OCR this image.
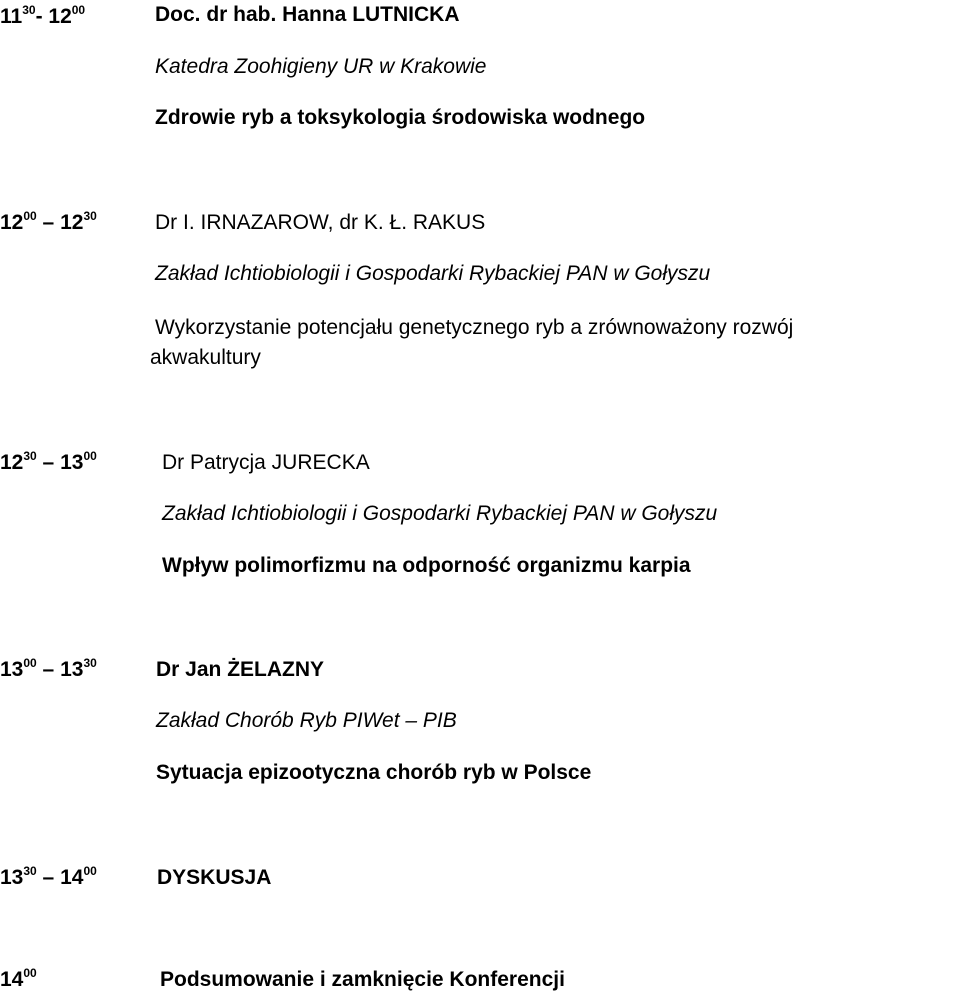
$11^{30}-$ $12^{00}$	Doc. dr hab. Hanna LUTNICKA
Katedra Zoohigieny UR w Krakowie
Zdrowie ryb a toksykologia środowiska wodnego
$12^{00} - 12^{30}$	Dr I. IRNAZAROW, dr K. Ł. RAKUS
Zakład Ichtiobiologii i Gospodarki Rybackiej PAN w Gołyszu
Wykorzystanie potencjału genetycznego ryb a zrównoważony rozwój
akwakultury
$12^{30} - 13^{00}$	Dr Patrycja JURECKA
Zakład Ichtiobiologii i Gospodarki Rybackiej PAN w Gołyszu
Wpływ polimorfizmu na odporność organizmu karpia
$13^{00} - 13^{30}$	Dr Jan ŻELAZNY
Zakład Chorób Ryb PIWet – PIB
Sytuacja epizootyczna chorób ryb w Polsce
$13^{30} - 14^{00}$	DYSKUSJA
$14^{00}$	Podsumowanie i zamknięcie Konferencji
